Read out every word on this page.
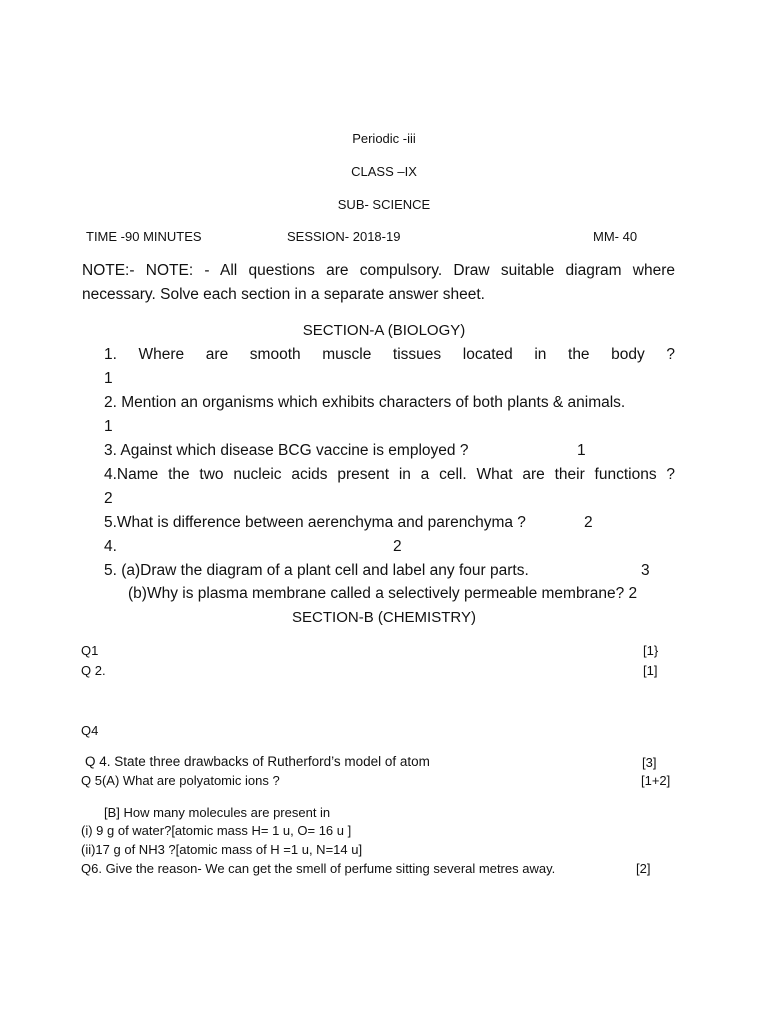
Periodic -iii
CLASS –IX
SUB- SCIENCE
TIME -90 MINUTES	SESSION- 2018-19	MM- 40
NOTE:- NOTE: - All questions are compulsory. Draw suitable diagram where
necessary. Solve each section in a separate answer sheet.
SECTION-A (BIOLOGY)
1. Where are smooth muscle tissues located in the body ?
1
2. Mention an organisms which exhibits characters of both plants & animals.
1
3. Against which disease BCG vaccine is employed ?	1
4.Name the two nucleic acids present in a cell. What are their functions ?
2
5.What is difference between aerenchyma and parenchyma ?	2
4.	2
5. (a)Draw the diagram of a plant cell and label any four parts.	3
(b)Why is plasma membrane called a selectively permeable membrane? 2
SECTION-B (CHEMISTRY)
Q1	[1}
Q 2.	[1]
Q4
Q 4. State three drawbacks of Rutherford’s model of atom	[3]
Q 5(A) What are polyatomic ions ?	[1+2]
[B] How many molecules are present in
(i) 9 g of water?[atomic mass H= 1 u, O= 16 u ]
(ii)17 g of NH3 ?[atomic mass of H =1 u, N=14 u]
Q6. Give the reason- We can get the smell of perfume sitting several metres away.	[2]
